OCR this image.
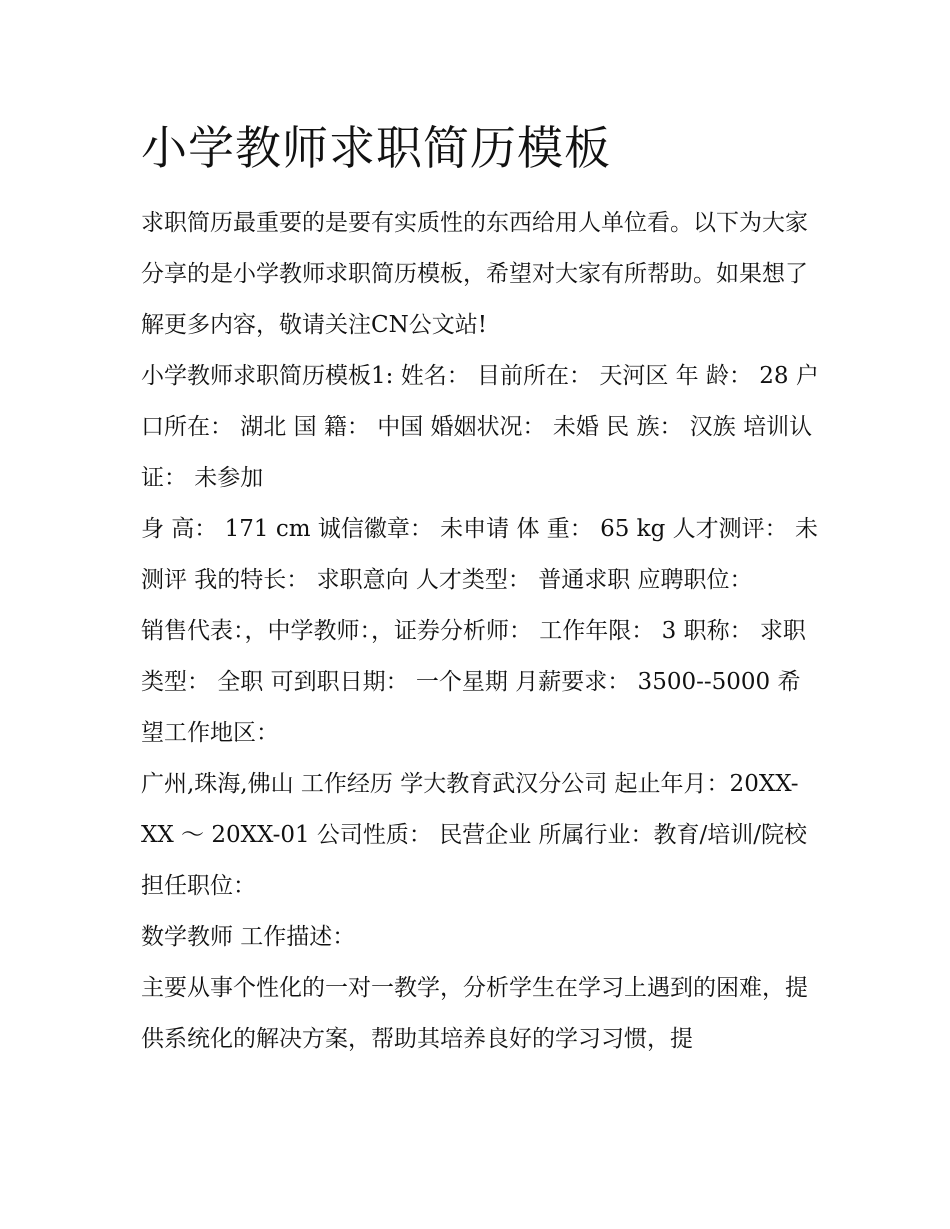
小学教师求职简历模板

求职简历最重要的是要有实质性的东西给用人单位看。以下为大家分享的是小学教师求职简历模板，希望对大家有所帮助。如果想了解更多内容，敬请关注CN公文站!

小学教师求职简历模板1: 姓名： 目前所在： 天河区 年 龄： 28 户口所在： 湖北 国 籍： 中国 婚姻状况： 未婚 民 族： 汉族 培训认证： 未参加

身 高： 171 cm 诚信徽章： 未申请 体 重： 65 kg 人才测评： 未测评 我的特长： 求职意向 人才类型： 普通求职 应聘职位：

销售代表：，中学教师：，证券分析师： 工作年限： 3 职称： 求职类型： 全职 可到职日期： 一个星期 月薪要求： 3500--5000 希望工作地区：

广州,珠海,佛山 工作经历 学大教育武汉分公司 起止年月：20XX-XX ～ 20XX-01 公司性质： 民营企业 所属行业：教育/培训/院校 担任职位：

数学教师 工作描述：

主要从事个性化的一对一教学，分析学生在学习上遇到的困难，提供系统化的解决方案，帮助其培养良好的学习习惯，提
